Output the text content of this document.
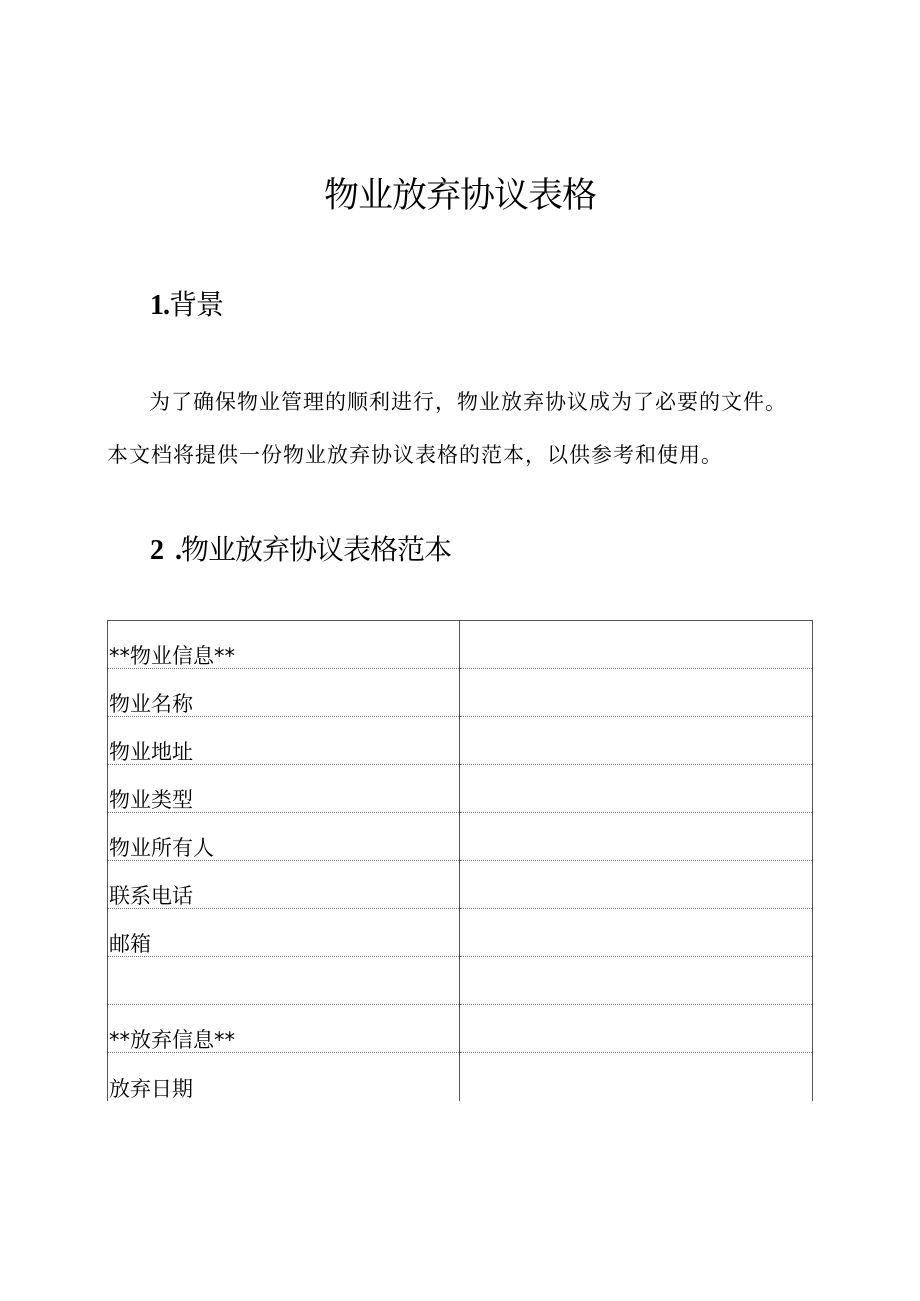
物业放弃协议表格
1.背景

为了确保物业管理的顺利进行，物业放弃协议成为了必要的文件。本文档将提供一份物业放弃协议表格的范本，以供参考和使用。

2  .物业放弃协议表格范本
**物业信息**	
物业名称	
物业地址	
物业类型	
物业所有人	
联系电话	
邮箱	

**放弃信息**	
放弃日期	
